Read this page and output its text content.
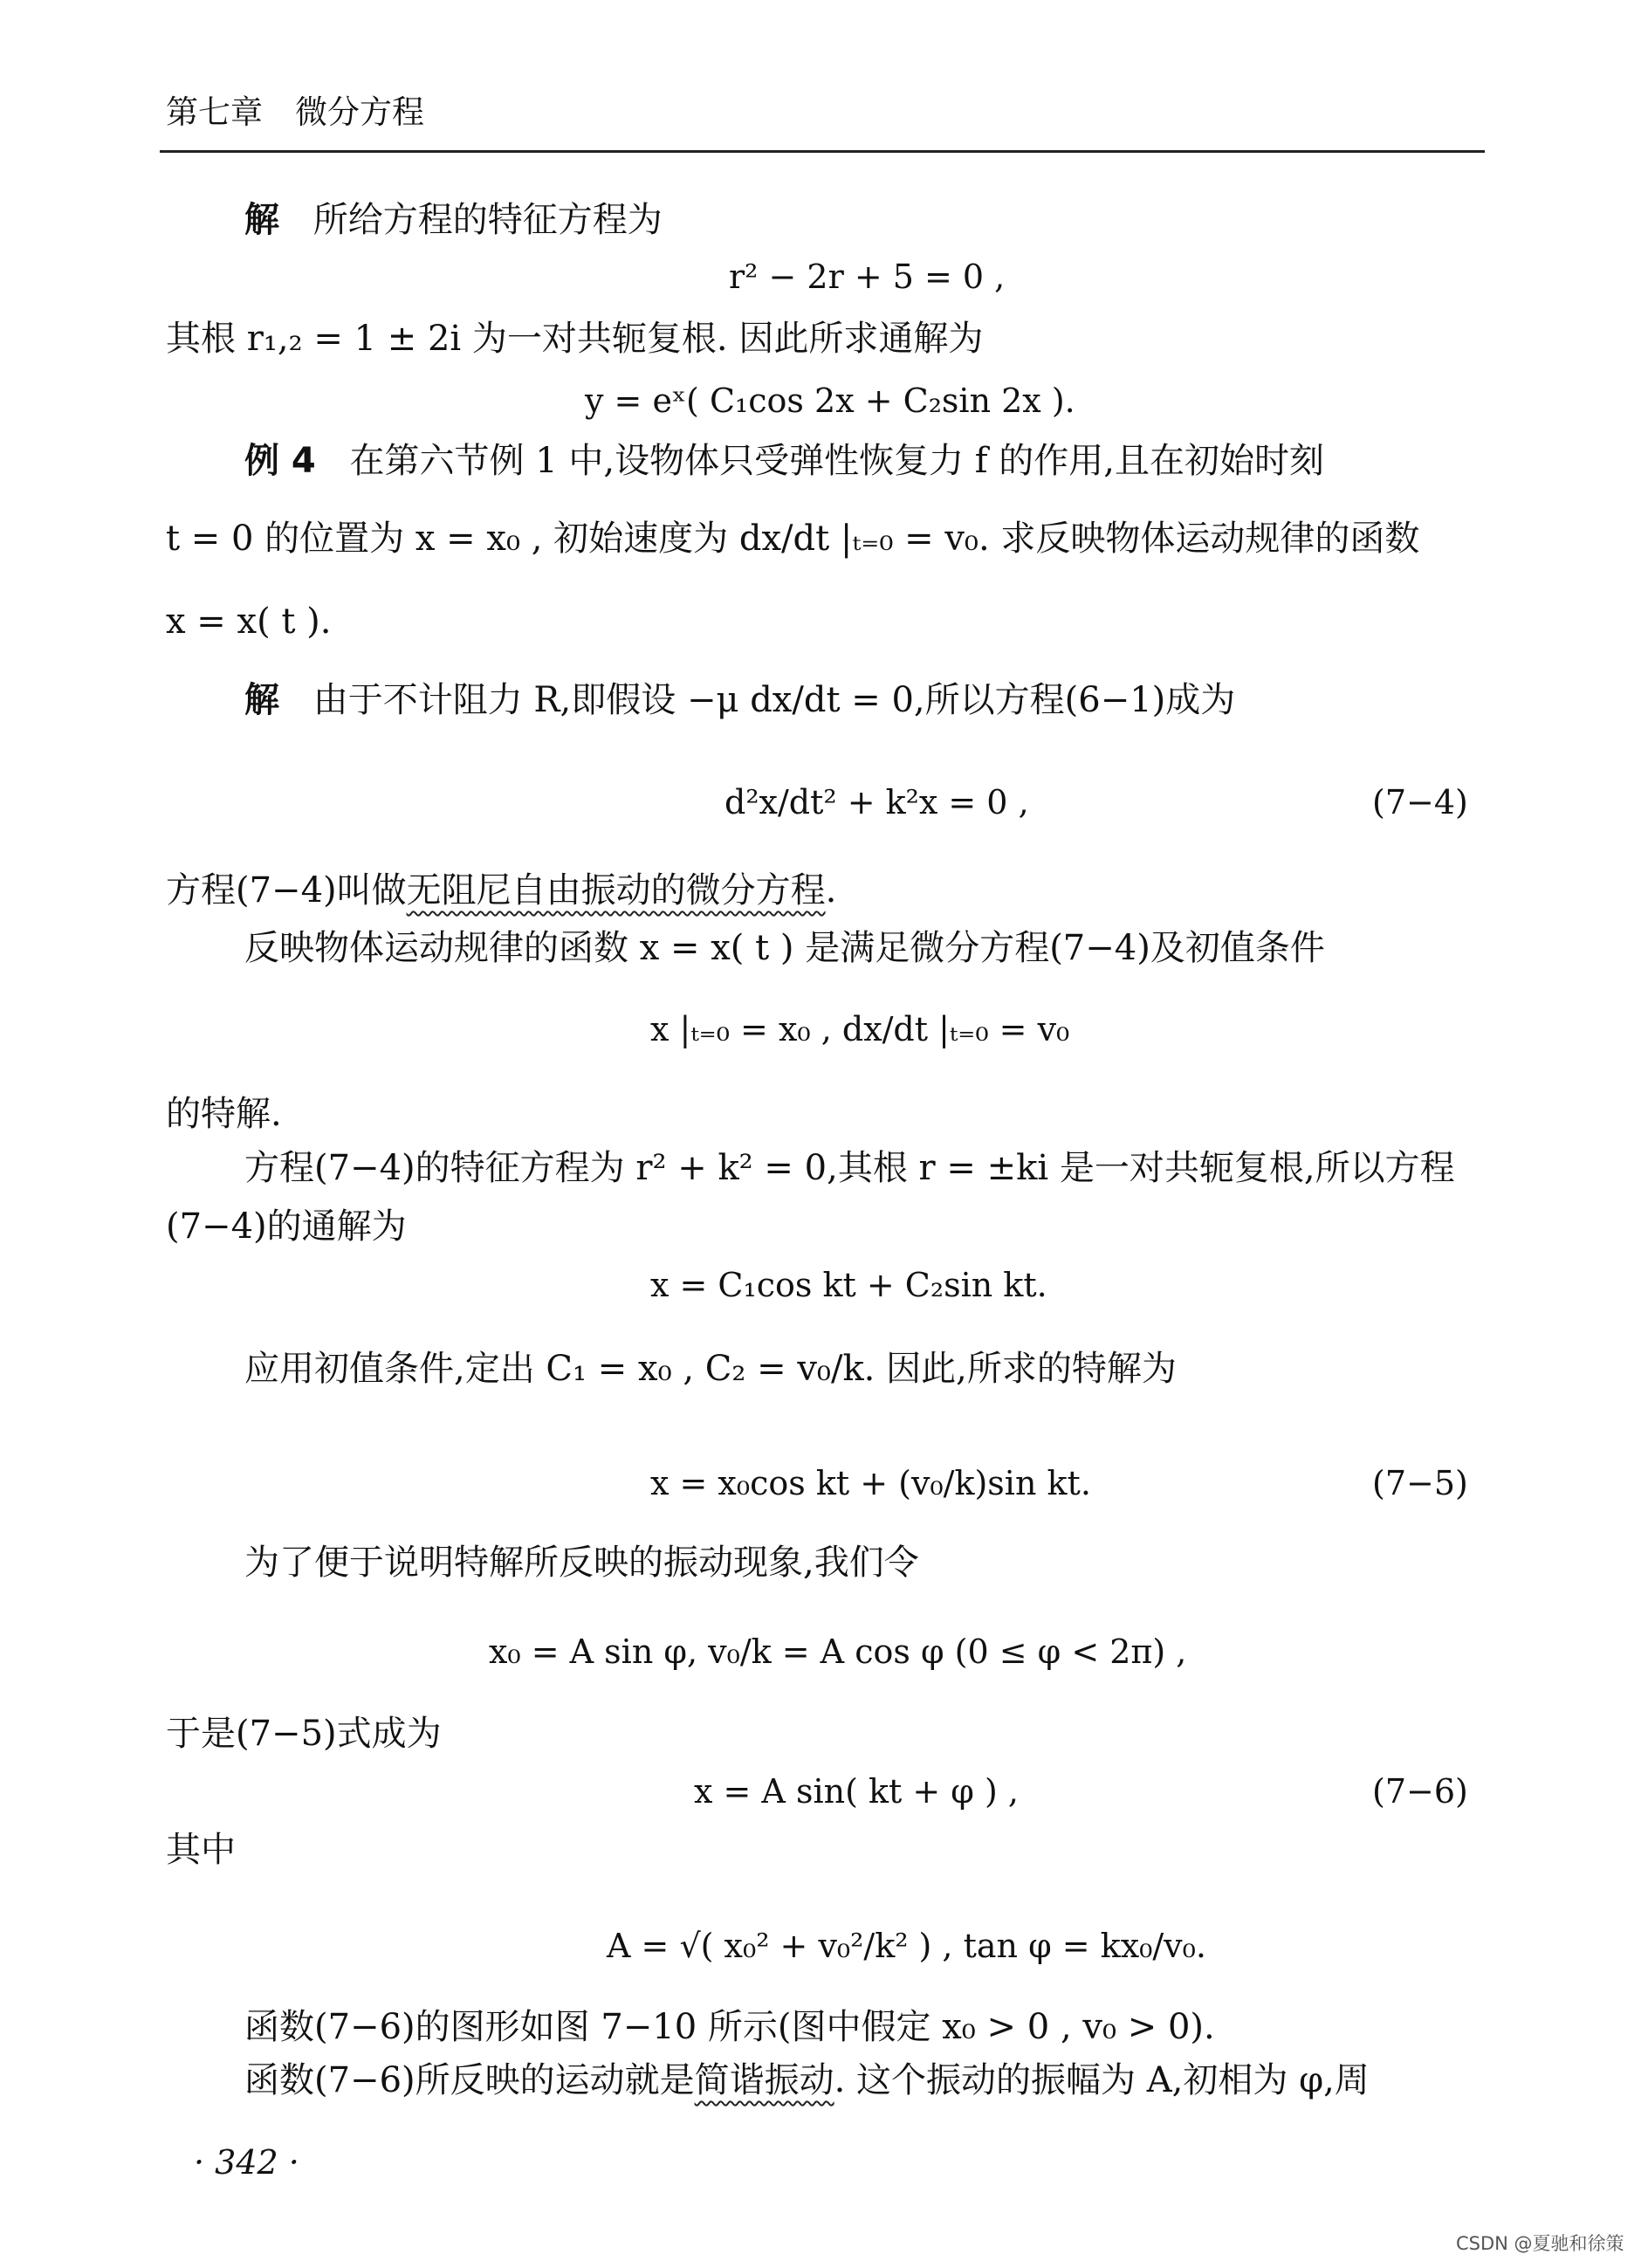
第七章 微分方程
解 所给方程的特征方程为
r² − 2r + 5 = 0 ,
其根 r₁,₂ = 1 ± 2i 为一对共轭复根. 因此所求通解为
y = eˣ( C₁cos 2x + C₂sin 2x ).
例 4 在第六节例 1 中,设物体只受弹性恢复力 f 的作用,且在初始时刻
t = 0 的位置为 x = x₀ , 初始速度为 dx/dt |ₜ₌₀ = v₀. 求反映物体运动规律的函数
x = x( t ).
解 由于不计阻力 R,即假设 −μ dx/dt = 0,所以方程(6−1)成为
d²x/dt² + k²x = 0 ,	(7−4)
方程(7−4)叫做无阻尼自由振动的微分方程.
反映物体运动规律的函数 x = x( t ) 是满足微分方程(7−4)及初值条件
x |ₜ₌₀ = x₀ , dx/dt |ₜ₌₀ = v₀
的特解.
方程(7−4)的特征方程为 r² + k² = 0,其根 r = ±ki 是一对共轭复根,所以方程
(7−4)的通解为
x = C₁cos kt + C₂sin kt.
应用初值条件,定出 C₁ = x₀ , C₂ = v₀/k. 因此,所求的特解为
x = x₀cos kt + (v₀/k)sin kt.	(7−5)
为了便于说明特解所反映的振动现象,我们令
x₀ = A sin φ, v₀/k = A cos φ (0 ≤ φ < 2π) ,
于是(7−5)式成为
x = A sin( kt + φ ) ,	(7−6)
其中
A = √( x₀² + v₀²/k² ) , tan φ = kx₀/v₀.
函数(7−6)的图形如图 7−10 所示(图中假定 x₀ > 0 , v₀ > 0).
函数(7−6)所反映的运动就是简谐振动. 这个振动的振幅为 A,初相为 φ,周
· 342 ·
CSDN @夏驰和徐策
